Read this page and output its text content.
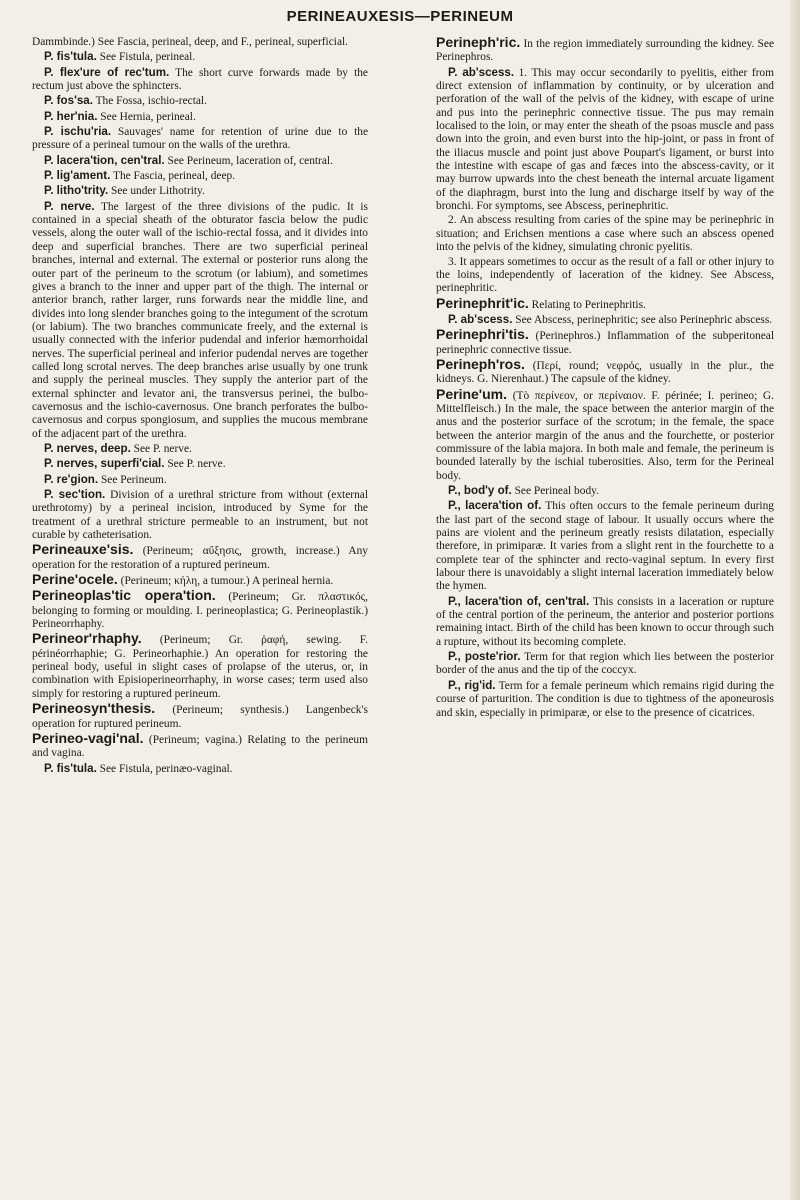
PERINEAUXESIS—PERINEUM

Dammbinde.) See Fascia, perineal, deep, and F., perineal, superficial.

P. fis'tula. See Fistula, perineal.

P. flex'ure of rec'tum. The short curve forwards made by the rectum just above the sphincters.

P. fos'sa. The Fossa, ischio-rectal.

P. her'nia. See Hernia, perineal.

P. ischu'ria. Sauvages' name for retention of urine due to the pressure of a perineal tumour on the walls of the urethra.

P. lacera'tion, cen'tral. See Perineum, laceration of, central.

P. lig'ament. The Fascia, perineal, deep.

P. litho'trity. See under Lithotrity.

P. nerve. The largest of the three divisions of the pudic. It is contained in a special sheath of the obturator fascia below the pudic vessels, along the outer wall of the ischio-rectal fossa, and it divides into deep and superficial branches. There are two superficial perineal branches, internal and external. The external or posterior runs along the outer part of the perineum to the scrotum (or labium), and sometimes gives a branch to the inner and upper part of the thigh. The internal or anterior branch, rather larger, runs forwards near the middle line, and divides into long slender branches going to the integument of the scrotum (or labium). The two branches communicate freely, and the external is usually connected with the inferior pudendal and inferior hæmorrhoidal nerves. The superficial perineal and inferior pudendal nerves are together called long scrotal nerves. The deep branches arise usually by one trunk and supply the perineal muscles. They supply the anterior part of the external sphincter and levator ani, the transversus perinei, the bulbo-cavernosus and the ischio-cavernosus. One branch perforates the bulbo-cavernosus and corpus spongiosum, and supplies the mucous membrane of the adjacent part of the urethra.

P. nerves, deep. See P. nerve.

P. nerves, superfi'cial. See P. nerve.

P. re'gion. See Perineum.

P. sec'tion. Division of a urethral stricture from without (external urethrotomy) by a perineal incision, introduced by Syme for the treatment of a urethral stricture permeable to an instrument, but not curable by catheterisation.

Perineauxe'sis. (Perineum; αὔξησις, growth, increase.) Any operation for the restoration of a ruptured perineum.

Perine'ocele. (Perineum; κήλη, a tumour.) A perineal hernia.

Perineoplas'tic opera'tion. (Perineum; Gr. πλαστικός, belonging to forming or moulding. I. perineoplastica; G. Perineoplastik.) Perineorrhaphy.

Perineor'rhaphy. (Perineum; Gr. ῥαφή, sewing. F. périnéorrhaphie; G. Perineorhaphie.) An operation for restoring the perineal body, useful in slight cases of prolapse of the uterus, or, in combination with Episioperineorrhaphy, in worse cases; term used also simply for restoring a ruptured perineum.

Perineosyn'thesis. (Perineum; synthesis.) Langenbeck's operation for ruptured perineum.

Perineo-vagi'nal. (Perineum; vagina.) Relating to the perineum and vagina.

P. fis'tula. See Fistula, perinæo-vaginal.

Perineph'ric. In the region immediately surrounding the kidney. See Perinephros.

P. ab'scess. 1. This may occur secondarily to pyelitis, either from direct extension of inflammation by continuity, or by ulceration and perforation of the wall of the pelvis of the kidney, with escape of urine and pus into the perinephric connective tissue. The pus may remain localised to the loin, or may enter the sheath of the psoas muscle and pass down into the groin, and even burst into the hip-joint, or pass in front of the iliacus muscle and point just above Poupart's ligament, or burst into the intestine with escape of gas and fæces into the abscess-cavity, or it may burrow upwards into the chest beneath the internal arcuate ligament of the diaphragm, burst into the lung and discharge itself by way of the bronchi. For symptoms, see Abscess, perinephritic.

2. An abscess resulting from caries of the spine may be perinephric in situation; and Erichsen mentions a case where such an abscess opened into the pelvis of the kidney, simulating chronic pyelitis.

3. It appears sometimes to occur as the result of a fall or other injury to the loins, independently of laceration of the kidney. See Abscess, perinephritic.

Perinephrit'ic. Relating to Perinephritis.

P. ab'scess. See Abscess, perinephritic; see also Perinephric abscess.

Perinephri'tis. (Perinephros.) Inflammation of the subperitoneal perinephric connective tissue.

Perineph'ros. (Περί, round; νεφρός, usually in the plur., the kidneys. G. Nierenhaut.) The capsule of the kidney.

Perine'um. (Τὸ περίνεον, or περίναιον. F. périnée; I. perineo; G. Mittelfleisch.) In the male, the space between the anterior margin of the anus and the posterior surface of the scrotum; in the female, the space between the anterior margin of the anus and the fourchette, or posterior commissure of the labia majora. In both male and female, the perineum is bounded laterally by the ischial tuberosities. Also, term for the Perineal body.

P., bod'y of. See Perineal body.

P., lacera'tion of. This often occurs to the female perineum during the last part of the second stage of labour. It usually occurs where the pains are violent and the perineum greatly resists dilatation, especially therefore, in primiparæ. It varies from a slight rent in the fourchette to a complete tear of the sphincter and recto-vaginal septum. In every first labour there is unavoidably a slight internal laceration immediately below the hymen.

P., lacera'tion of, cen'tral. This consists in a laceration or rupture of the central portion of the perineum, the anterior and posterior portions remaining intact. Birth of the child has been known to occur through such a rupture, without its becoming complete.

P., poste'rior. Term for that region which lies between the posterior border of the anus and the tip of the coccyx.

P., rig'id. Term for a female perineum which remains rigid during the course of parturition. The condition is due to tightness of the aponeurosis and skin, especially in primiparæ, or else to the presence of cicatrices.
